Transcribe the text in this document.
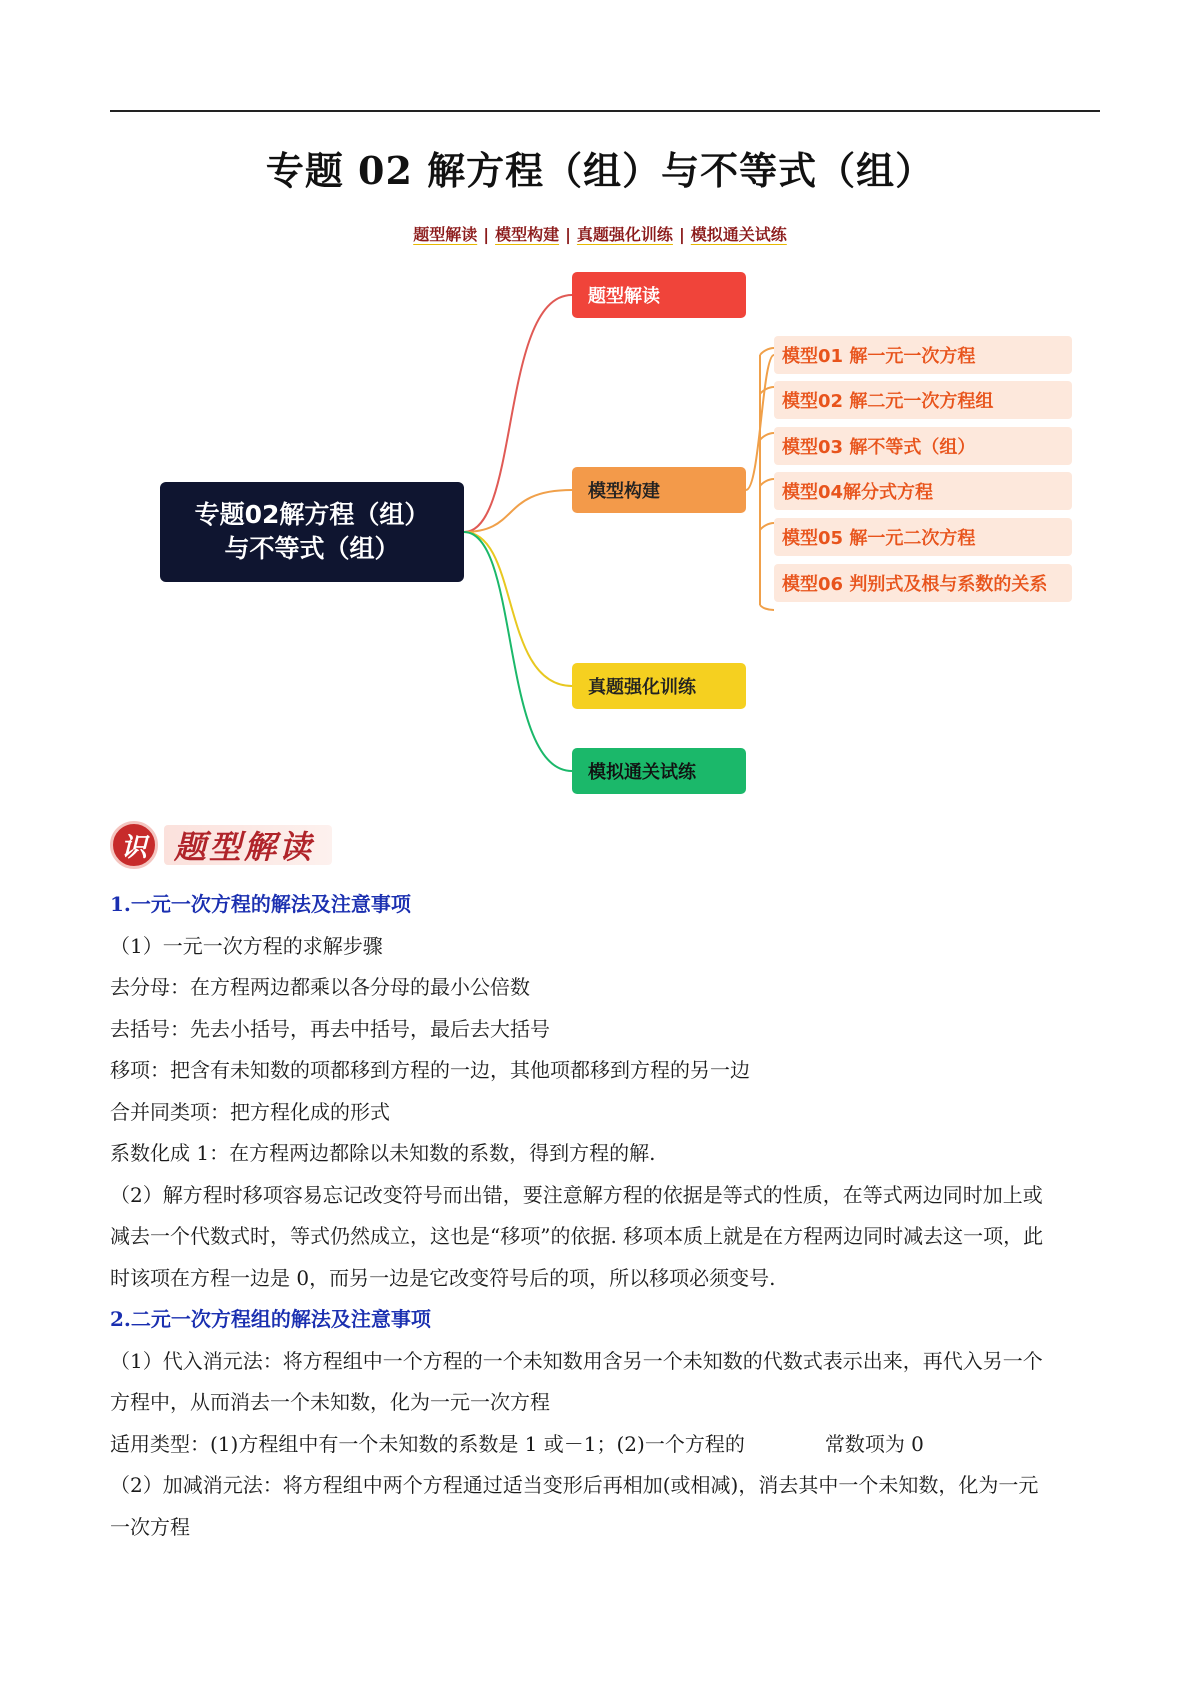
专题 02 解方程（组）与不等式（组）
题型解读 | 模型构建 | 真题强化训练 | 模拟通关试练
专题02解方程（组）
与不等式（组）
题型解读
模型构建
真题强化训练
模拟通关试练
模型01 解一元一次方程
模型02 解二元一次方程组
模型03 解不等式（组）
模型04解分式方程
模型05 解一元二次方程
模型06 判别式及根与系数的关系
识 题型解读
1.一元一次方程的解法及注意事项
（1）一元一次方程的求解步骤
去分母：在方程两边都乘以各分母的最小公倍数
去括号：先去小括号，再去中括号，最后去大括号
移项：把含有未知数的项都移到方程的一边，其他项都移到方程的另一边
合并同类项：把方程化成的形式
系数化成 1：在方程两边都除以未知数的系数，得到方程的解.
（2）解方程时移项容易忘记改变符号而出错，要注意解方程的依据是等式的性质，在等式两边同时加上或
减去一个代数式时，等式仍然成立，这也是“移项”的依据. 移项本质上就是在方程两边同时减去这一项，此
时该项在方程一边是 0，而另一边是它改变符号后的项，所以移项必须变号.
2.二元一次方程组的解法及注意事项
（1）代入消元法：将方程组中一个方程的一个未知数用含另一个未知数的代数式表示出来，再代入另一个
方程中，从而消去一个未知数，化为一元一次方程
适用类型：(1)方程组中有一个未知数的系数是 1 或－1；(2)一个方程的	常数项为 0
（2）加减消元法：将方程组中两个方程通过适当变形后再相加(或相减)，消去其中一个未知数，化为一元
一次方程
